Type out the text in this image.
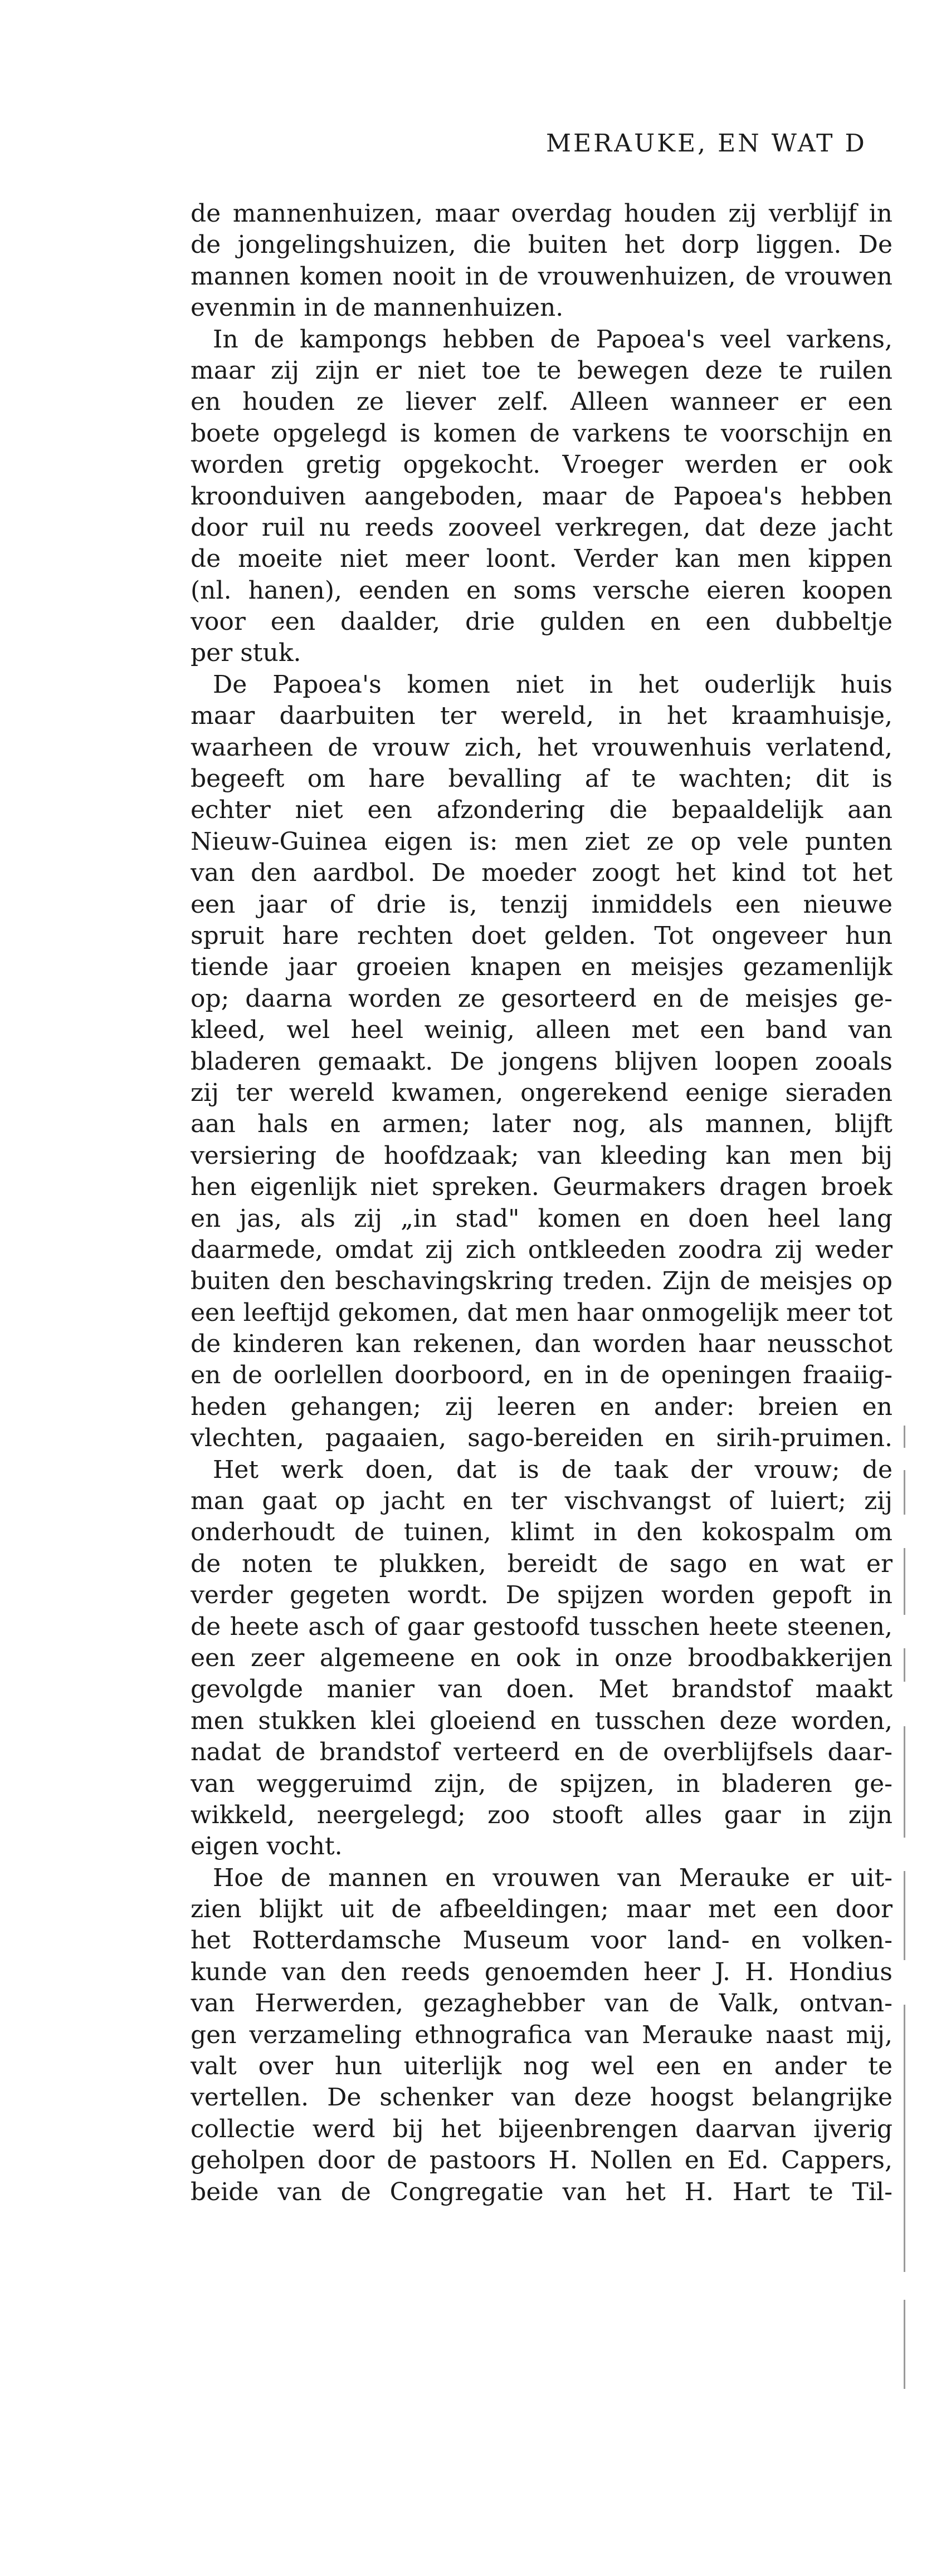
MERAUKE, EN WAT D
de mannenhuizen, maar overdag houden zij verblijf in
de jongelingshuizen, die buiten het dorp liggen. De
mannen komen nooit in de vrouwenhuizen, de vrouwen
evenmin in de mannenhuizen.
In de kampongs hebben de Papoea's veel varkens,
maar zij zijn er niet toe te bewegen deze te ruilen
en houden ze liever zelf. Alleen wanneer er een
boete opgelegd is komen de varkens te voorschijn en
worden gretig opgekocht. Vroeger werden er ook
kroonduiven aangeboden, maar de Papoea's hebben
door ruil nu reeds zooveel verkregen, dat deze jacht
de moeite niet meer loont. Verder kan men kippen
(nl. hanen), eenden en soms versche eieren koopen
voor een daalder, drie gulden en een dubbeltje
per stuk.
De Papoea's komen niet in het ouderlijk huis
maar daarbuiten ter wereld, in het kraamhuisje,
waarheen de vrouw zich, het vrouwenhuis verlatend,
begeeft om hare bevalling af te wachten; dit is
echter niet een afzondering die bepaaldelijk aan
Nieuw-Guinea eigen is: men ziet ze op vele punten
van den aardbol. De moeder zoogt het kind tot het
een jaar of drie is, tenzij inmiddels een nieuwe
spruit hare rechten doet gelden. Tot ongeveer hun
tiende jaar groeien knapen en meisjes gezamenlijk
op; daarna worden ze gesorteerd en de meisjes ge-
kleed, wel heel weinig, alleen met een band van
bladeren gemaakt. De jongens blijven loopen zooals
zij ter wereld kwamen, ongerekend eenige sieraden
aan hals en armen; later nog, als mannen, blijft
versiering de hoofdzaak; van kleeding kan men bij
hen eigenlijk niet spreken. Geurmakers dragen broek
en jas, als zij „in stad" komen en doen heel lang
daarmede, omdat zij zich ontkleeden zoodra zij weder
buiten den beschavingskring treden. Zijn de meisjes op
een leeftijd gekomen, dat men haar onmogelijk meer tot
de kinderen kan rekenen, dan worden haar neusschot
en de oorlellen doorboord, en in de openingen fraaiig-
heden gehangen; zij leeren en ander: breien en
vlechten, pagaaien, sago-bereiden en sirih-pruimen.
Het werk doen, dat is de taak der vrouw; de
man gaat op jacht en ter vischvangst of luiert; zij
onderhoudt de tuinen, klimt in den kokospalm om
de noten te plukken, bereidt de sago en wat er
verder gegeten wordt. De spijzen worden gepoft in
de heete asch of gaar gestoofd tusschen heete steenen,
een zeer algemeene en ook in onze broodbakkerijen
gevolgde manier van doen. Met brandstof maakt
men stukken klei gloeiend en tusschen deze worden,
nadat de brandstof verteerd en de overblijfsels daar-
van weggeruimd zijn, de spijzen, in bladeren ge-
wikkeld, neergelegd; zoo stooft alles gaar in zijn
eigen vocht.
Hoe de mannen en vrouwen van Merauke er uit-
zien blijkt uit de afbeeldingen; maar met een door
het Rotterdamsche Museum voor land- en volken-
kunde van den reeds genoemden heer J. H. Hondius
van Herwerden, gezaghebber van de Valk, ontvan-
gen verzameling ethnografica van Merauke naast mij,
valt over hun uiterlijk nog wel een en ander te
vertellen. De schenker van deze hoogst belangrijke
collectie werd bij het bijeenbrengen daarvan ijverig
geholpen door de pastoors H. Nollen en Ed. Cappers,
beide van de Congregatie van het H. Hart te Til-
